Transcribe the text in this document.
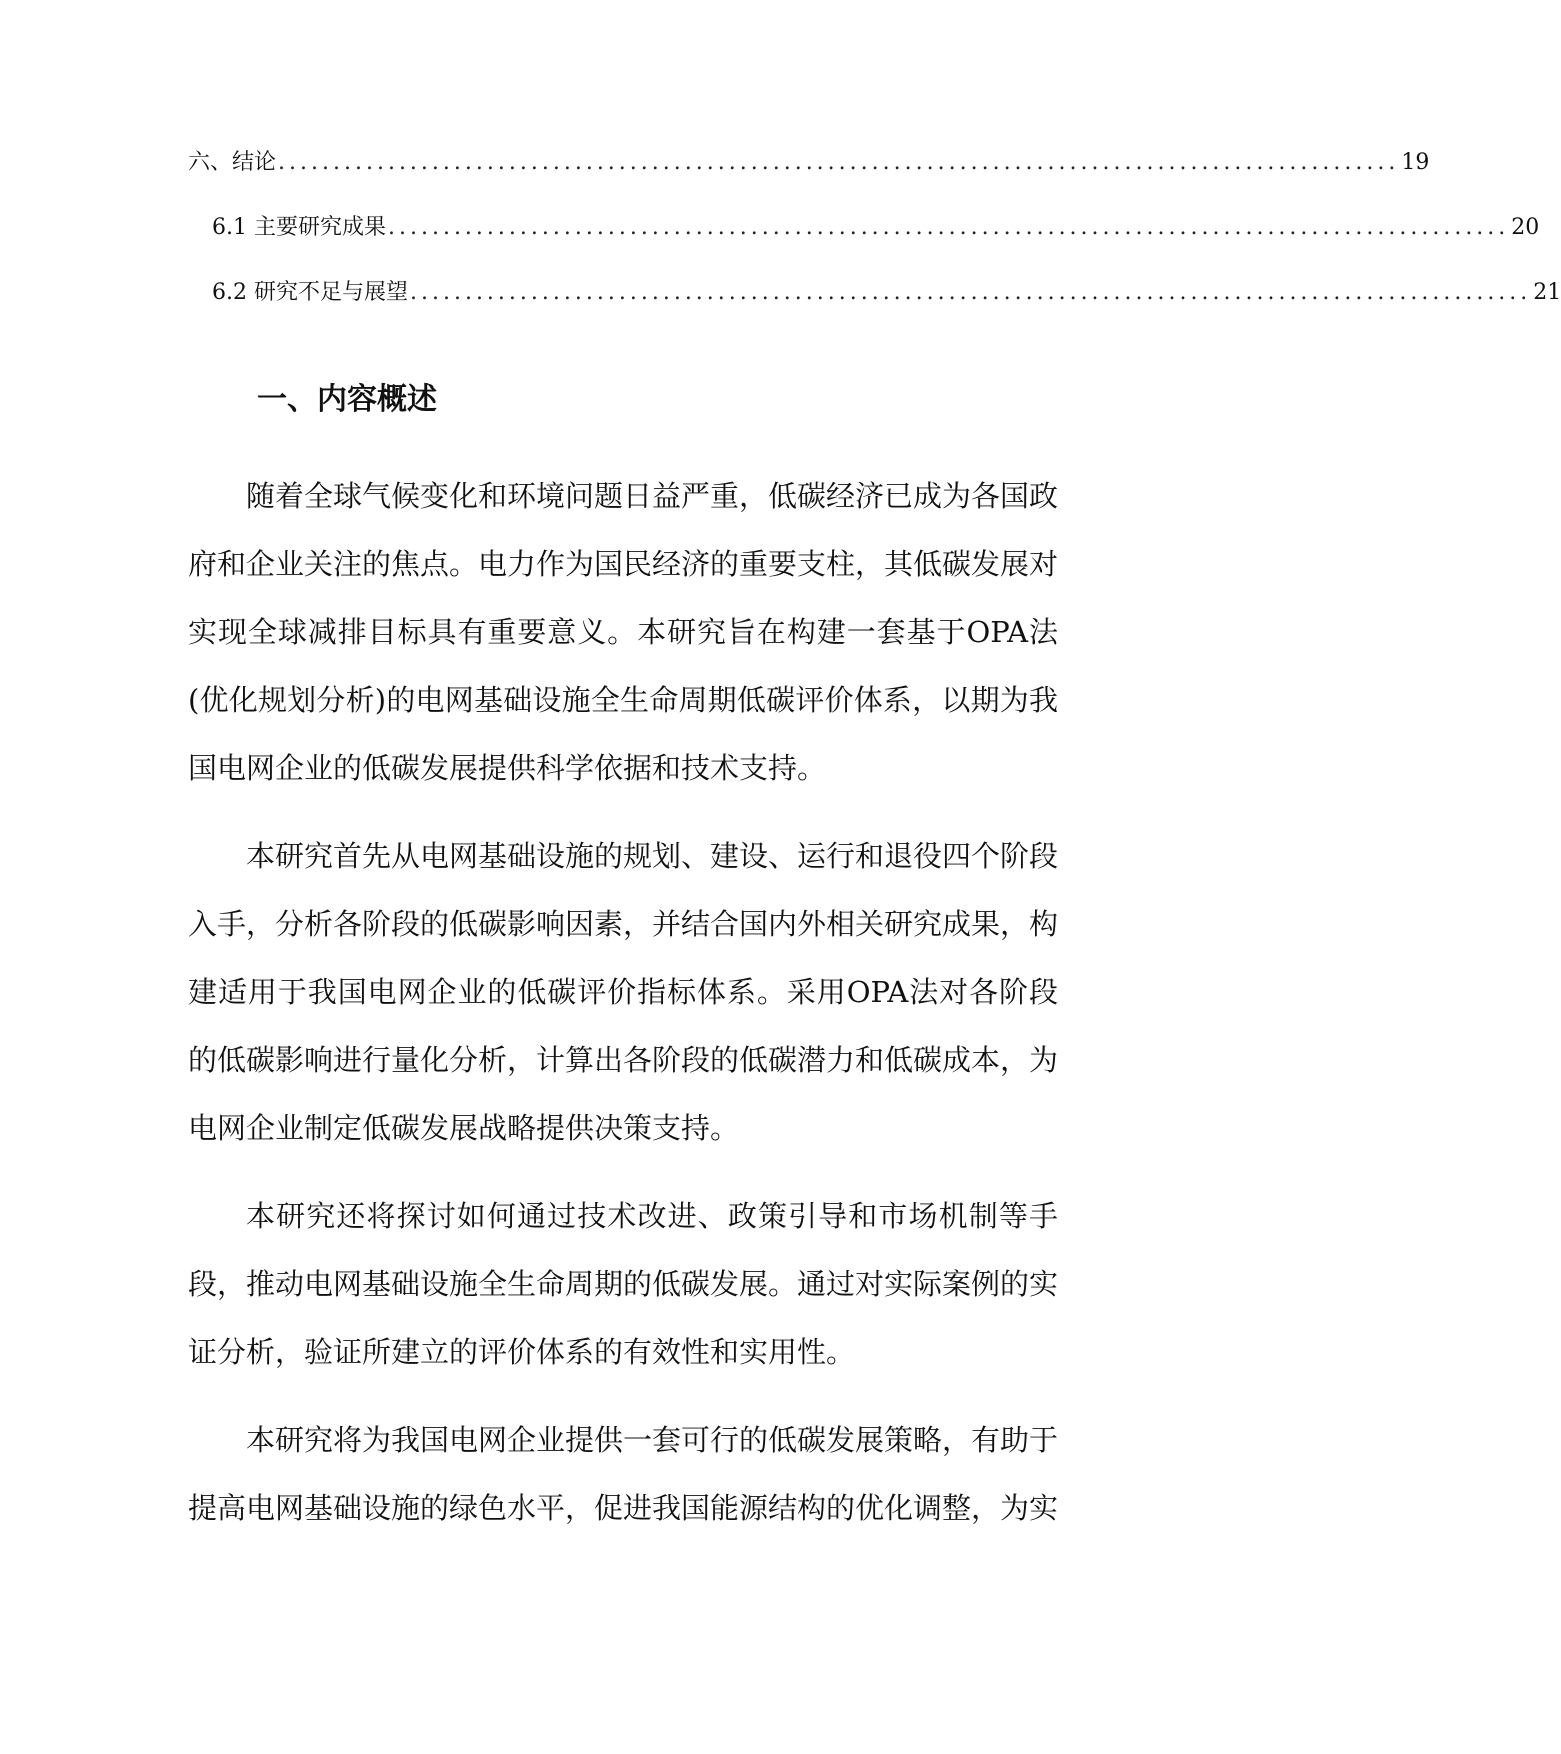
六、结论 ...................................................................................................... 19
6.1 主要研究成果 ...................................................................................................... 20
6.2 研究不足与展望 ...................................................................................................... 21
一、内容概述

随着全球气候变化和环境问题日益严重，低碳经济已成为各国政府和企业关注的焦点。电力作为国民经济的重要支柱，其低碳发展对实现全球减排目标具有重要意义。本研究旨在构建一套基于OPA法(优化规划分析)的电网基础设施全生命周期低碳评价体系，以期为我国电网企业的低碳发展提供科学依据和技术支持。

本研究首先从电网基础设施的规划、建设、运行和退役四个阶段入手，分析各阶段的低碳影响因素，并结合国内外相关研究成果，构建适用于我国电网企业的低碳评价指标体系。采用OPA法对各阶段的低碳影响进行量化分析，计算出各阶段的低碳潜力和低碳成本，为电网企业制定低碳发展战略提供决策支持。

本研究还将探讨如何通过技术改进、政策引导和市场机制等手段，推动电网基础设施全生命周期的低碳发展。通过对实际案例的实证分析，验证所建立的评价体系的有效性和实用性。

本研究将为我国电网企业提供一套可行的低碳发展策略，有助于提高电网基础设施的绿色水平，促进我国能源结构的优化调整，为实
